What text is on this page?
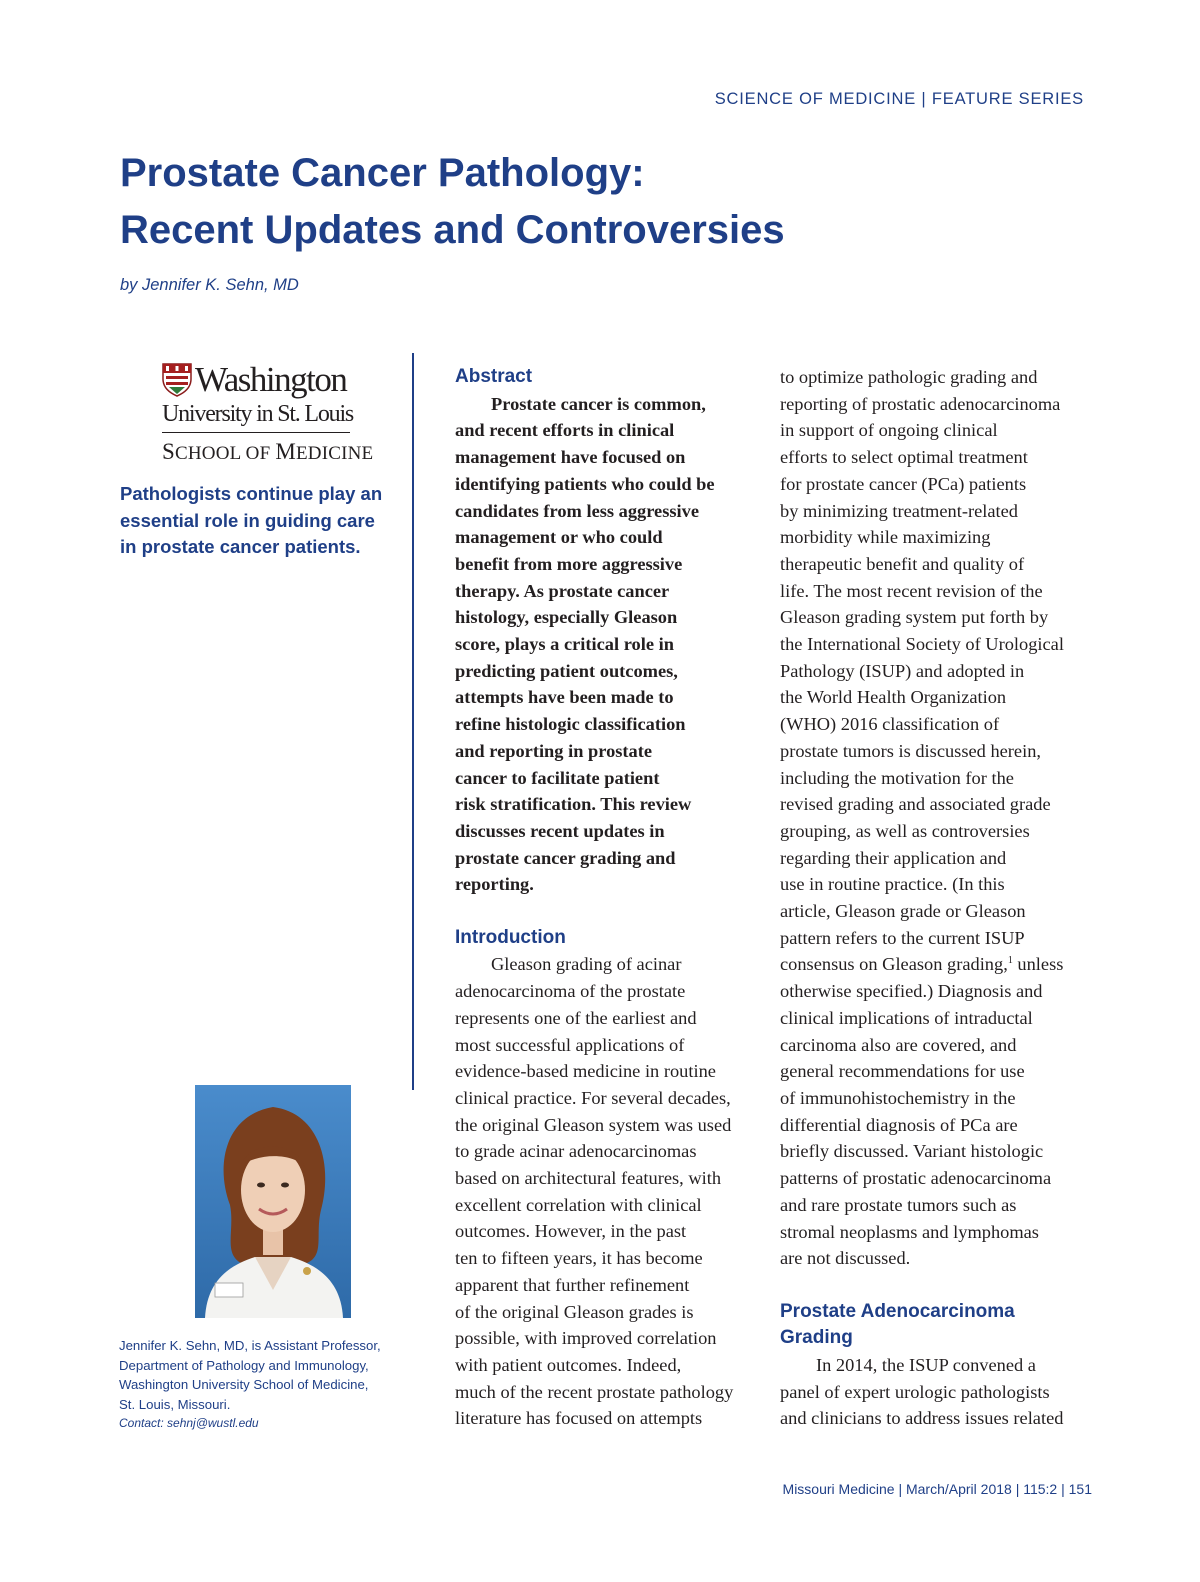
SCIENCE OF MEDICINE | FEATURE SERIES
Prostate Cancer Pathology:
Recent Updates and Controversies
by Jennifer K. Sehn, MD
Washington
University in St. Louis
SCHOOL OF MEDICINE
Pathologists continue play an essential role in guiding care in prostate cancer patients.
Jennifer K. Sehn, MD, is Assistant Professor,
Department of Pathology and Immunology,
Washington University School of Medicine,
St. Louis, Missouri.
Contact: sehnj@wustl.edu
Abstract

Prostate cancer is common,

and recent efforts in clinical

management have focused on

identifying patients who could be

candidates from less aggressive

management or who could

benefit from more aggressive

therapy. As prostate cancer

histology, especially Gleason

score, plays a critical role in

predicting patient outcomes,

attempts have been made to

refine histologic classification

and reporting in prostate

cancer to facilitate patient

risk stratification. This review

discusses recent updates in

prostate cancer grading and

reporting.

Introduction

Gleason grading of acinar

adenocarcinoma of the prostate

represents one of the earliest and

most successful applications of

evidence-based medicine in routine

clinical practice. For several decades,

the original Gleason system was used

to grade acinar adenocarcinomas

based on architectural features, with

excellent correlation with clinical

outcomes. However, in the past

ten to fifteen years, it has become

apparent that further refinement

of the original Gleason grades is

possible, with improved correlation

with patient outcomes. Indeed,

much of the recent prostate pathology

literature has focused on attempts

to optimize pathologic grading and

reporting of prostatic adenocarcinoma

in support of ongoing clinical

efforts to select optimal treatment

for prostate cancer (PCa) patients

by minimizing treatment-related

morbidity while maximizing

therapeutic benefit and quality of

life. The most recent revision of the

Gleason grading system put forth by

the International Society of Urological

Pathology (ISUP) and adopted in

the World Health Organization

(WHO) 2016 classification of

prostate tumors is discussed herein,

including the motivation for the

revised grading and associated grade

grouping, as well as controversies

regarding their application and

use in routine practice. (In this

article, Gleason grade or Gleason

pattern refers to the current ISUP

consensus on Gleason grading,$^1$ unless

otherwise specified.) Diagnosis and

clinical implications of intraductal

carcinoma also are covered, and

general recommendations for use

of immunohistochemistry in the

differential diagnosis of PCa are

briefly discussed. Variant histologic

patterns of prostatic adenocarcinoma

and rare prostate tumors such as

stromal neoplasms and lymphomas

are not discussed.

Prostate Adenocarcinoma
Grading

In 2014, the ISUP convened a

panel of expert urologic pathologists

and clinicians to address issues related

Missouri Medicine | March/April 2018 | 115:2 | 151
